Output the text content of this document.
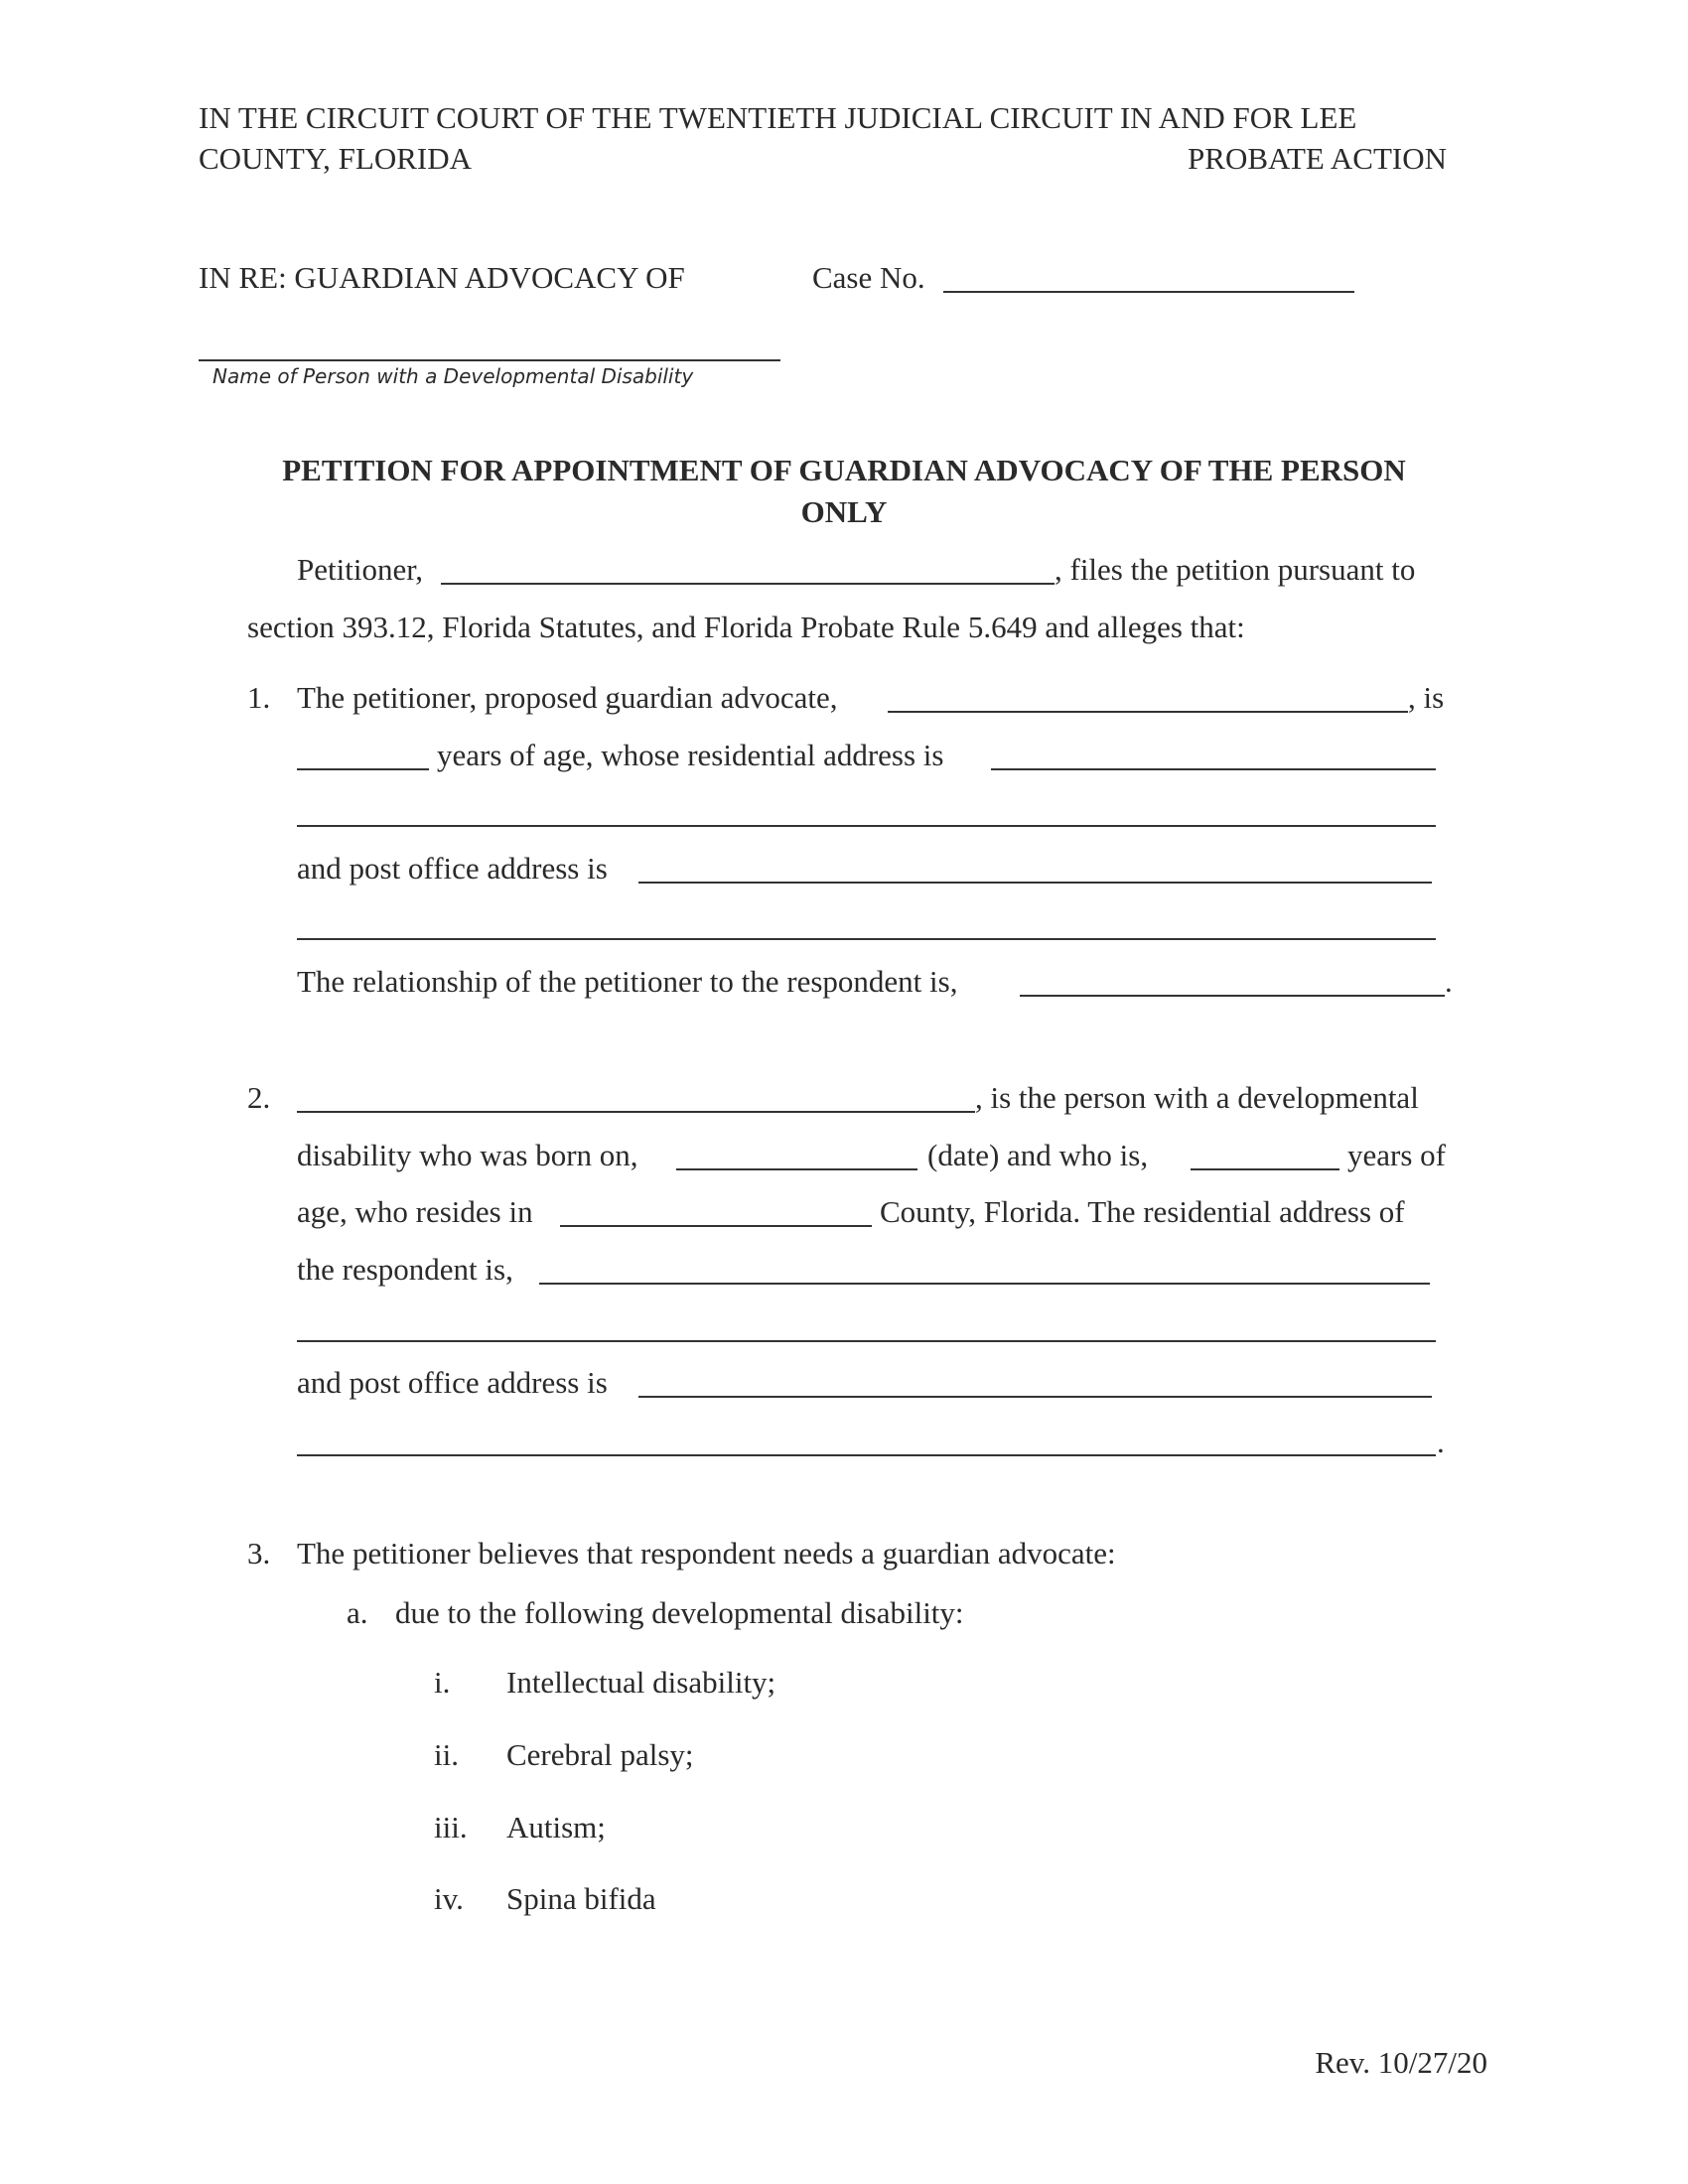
IN THE CIRCUIT COURT OF THE TWENTIETH JUDICIAL CIRCUIT IN AND FOR LEE
COUNTY, FLORIDA	PROBATE ACTION
IN RE: GUARDIAN ADVOCACY OF	Case No.
Name of Person with a Developmental Disability
PETITION FOR APPOINTMENT OF GUARDIAN ADVOCACY OF THE PERSON
ONLY
Petitioner,	, files the petition pursuant to
section 393.12, Florida Statutes, and Florida Probate Rule 5.649 and alleges that:
1. The petitioner, proposed guardian advocate,	, is
years of age, whose residential address is
and post office address is
The relationship of the petitioner to the respondent is,	.
2.	, is the person with a developmental
disability who was born on,	(date) and who is,	years of
age, who resides in	County, Florida. The residential address of
the respondent is,
and post office address is
.
3. The petitioner believes that respondent needs a guardian advocate:
a. due to the following developmental disability:
i. Intellectual disability;
ii. Cerebral palsy;
iii. Autism;
iv. Spina bifida
Rev. 10/27/20
